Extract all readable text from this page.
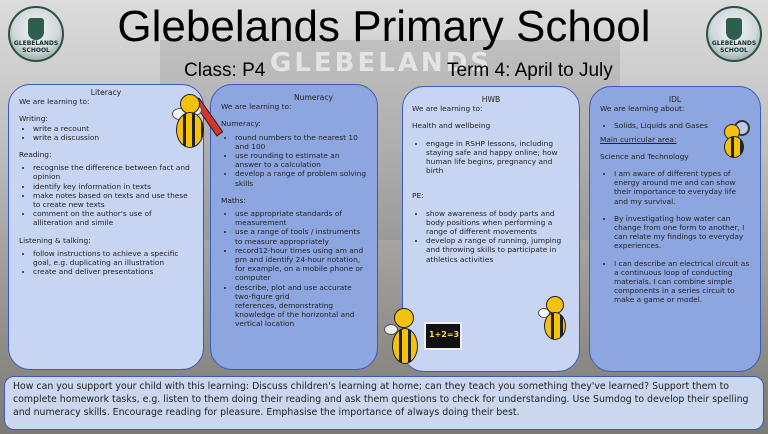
GLEBELANDS
GLEBELANDS SCHOOL
GLEBELANDS SCHOOL
Glebelands Primary School
Class: P4	Term 4: April to July
Literacy

We are learning to:

Writing:

• write a recount
• write a discussion

Reading:

• recognise the difference between fact and opinion
• identify key information in texts
• make notes based on texts and use these to create new texts
• comment on the author's use of alliteration and simile

Listening & talking:

• follow instructions to achieve a specific goal, e.g. duplicating an illustration
• create and deliver presentations
Numeracy

We are learning to:

Numeracy:

• round numbers to the nearest 10 and 100
• use rounding to estimate an answer to a calculation
• develop a range of problem solving skills

Maths:

• use appropriate standards of measurement
• use a range of tools / instruments to measure appropriately
• record12-hour times using am and pm and identify 24-hour notation, for example, on a mobile phone or computer
• describe, plot and use accurate two-figure grid

references, demonstrating knowledge of the horizontal and vertical location

HWB

We are learning to:

Health and wellbeing

• engage in RSHP lessons, including staying safe and happy online; how human life begins, pregnancy and birth

PE:

• show awareness of body parts and body positions when performing a range of different movements
• develop a range of running, jumping and throwing skills to participate in athletics activities
IDL

We are learning about:

• Solids, Liquids and Gases

Main curricular area:

Science and Technology

• I am aware of different types of energy around me and can show their importance to everyday life and my survival.
• By investigating how water can change from one form to another, I can relate my findings to everyday experiences.
• I can describe an electrical circuit as a continuous loop of conducting materials. I can combine simple components in a series circuit to make a game or model.
How can you support your child with this learning: Discuss children's learning at home; can they teach you something they've learned? Support them to complete homework tasks, e.g. listen to them doing their reading and ask them questions to check for understanding. Use Sumdog to develop their spelling and numeracy skills. Encourage reading for pleasure. Emphasise the importance of always doing their best.
1+2=3
